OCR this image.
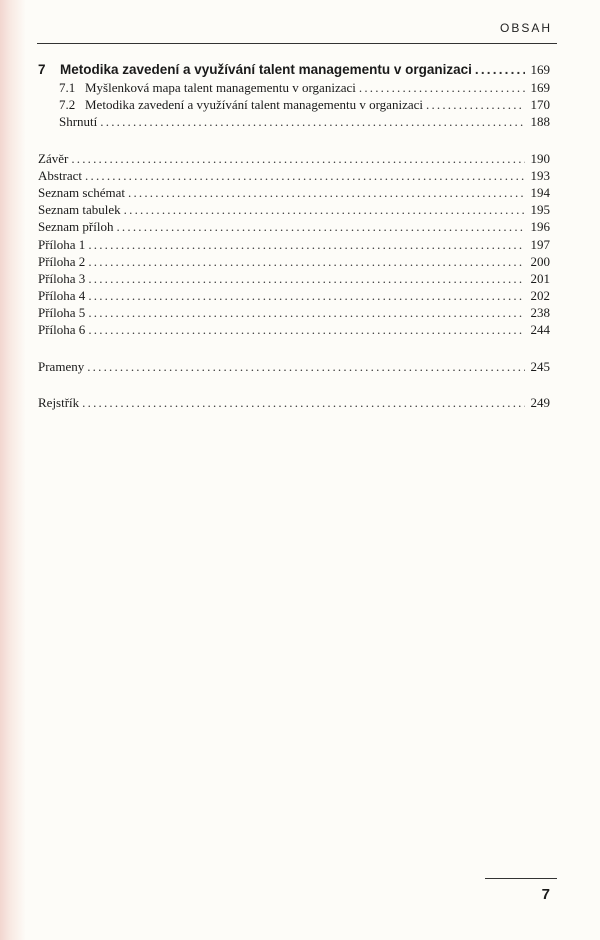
OBSAH
7 Metodika zavedení a využívání talent managementu v organizaci .....	169
7.1 Myšlenková mapa talent managementu v organizaci .....	169
7.2 Metodika zavedení a využívání talent managementu v organizaci .....	170
Shrnutí .....	188
Závěr .....	190
Abstract .....	193
Seznam schémat .....	194
Seznam tabulek .....	195
Seznam příloh .....	196
Příloha 1 .....	197
Příloha 2 .....	200
Příloha 3 .....	201
Příloha 4 .....	202
Příloha 5 .....	238
Příloha 6 .....	244
Prameny .....	245
Rejstřík .....	249
7
